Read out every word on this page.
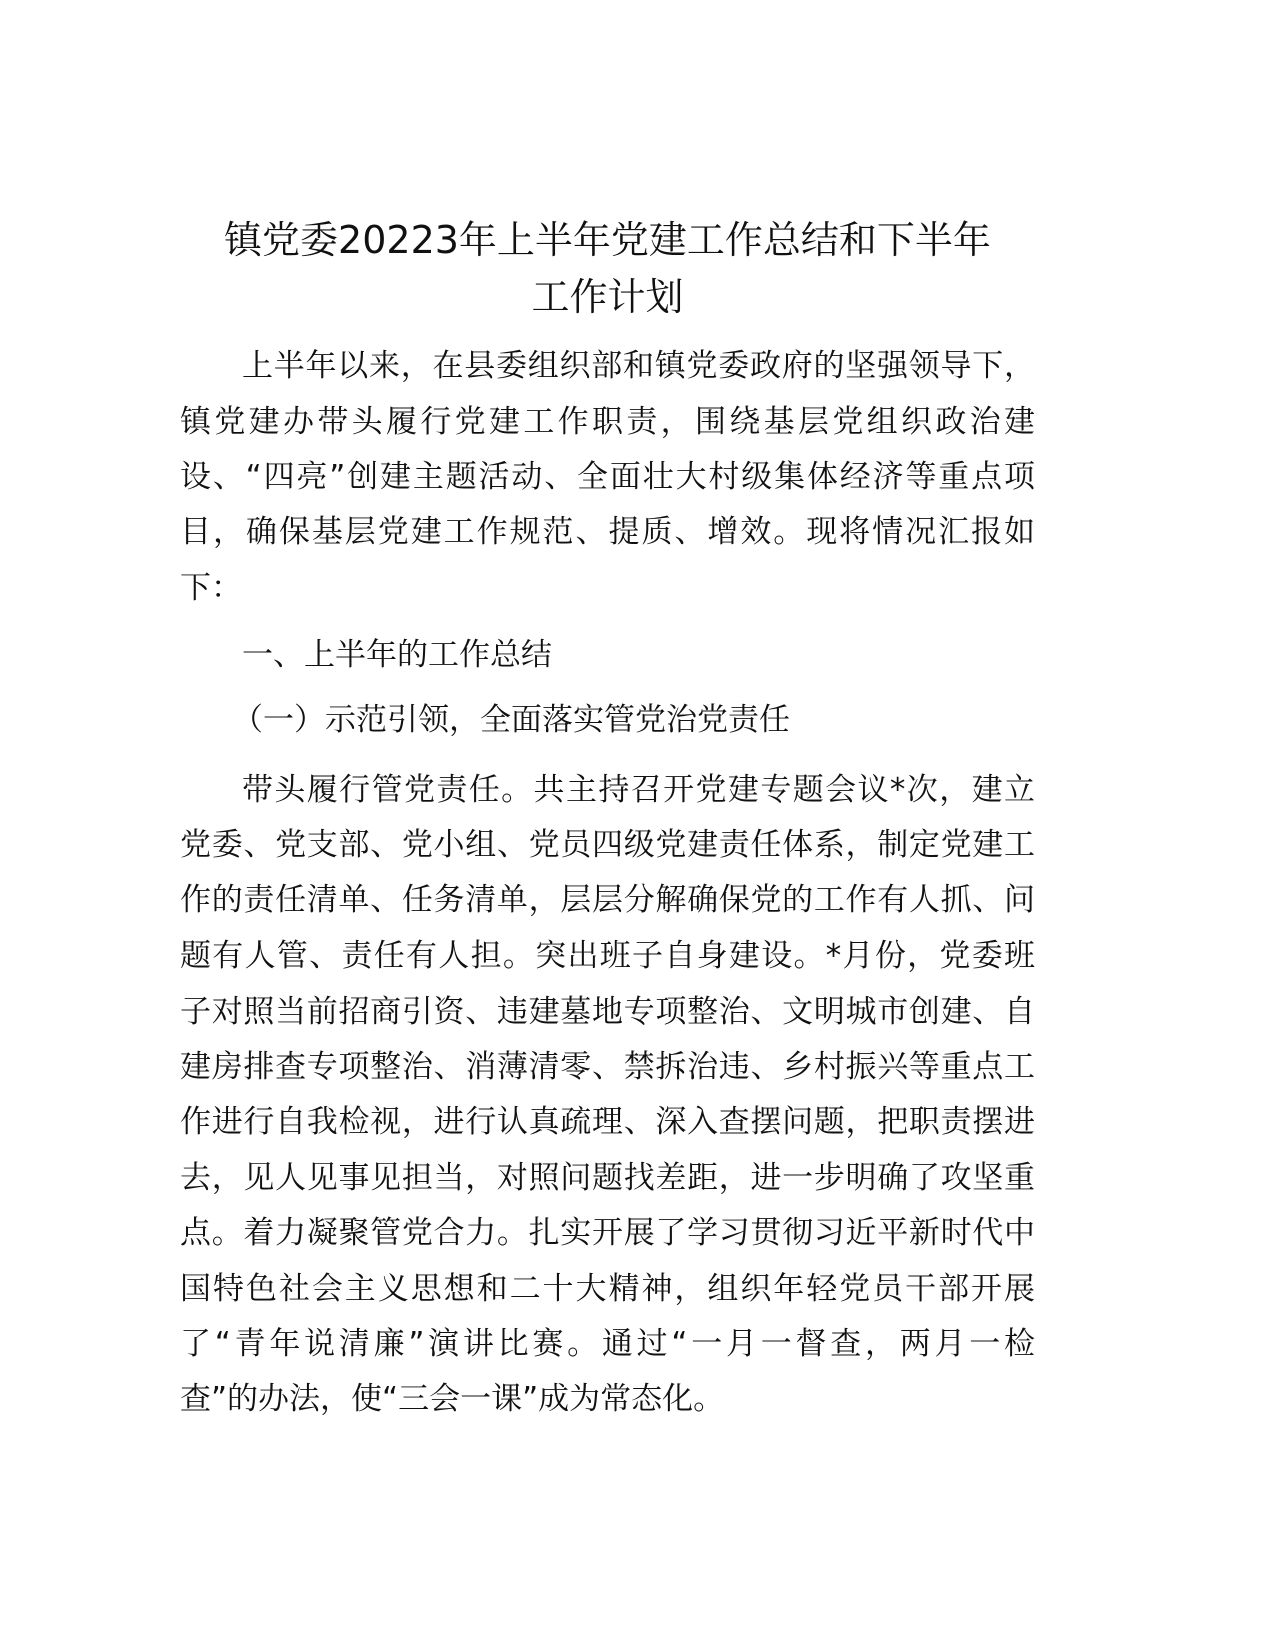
镇党委20223年上半年党建工作总结和下半年
工作计划
上半年以来，在县委组织部和镇党委政府的坚强领导下，
镇党建办带头履行党建工作职责，围绕基层党组织政治建
设、“四亮”创建主题活动、全面壮大村级集体经济等重点项
目，确保基层党建工作规范、提质、增效。现将情况汇报如
下：
一、上半年的工作总结
（一）示范引领，全面落实管党治党责任
带头履行管党责任。共主持召开党建专题会议*次，建立
党委、党支部、党小组、党员四级党建责任体系，制定党建工
作的责任清单、任务清单，层层分解确保党的工作有人抓、问
题有人管、责任有人担。突出班子自身建设。*月份，党委班
子对照当前招商引资、违建墓地专项整治、文明城市创建、自
建房排查专项整治、消薄清零、禁拆治违、乡村振兴等重点工
作进行自我检视，进行认真疏理、深入查摆问题，把职责摆进
去，见人见事见担当，对照问题找差距，进一步明确了攻坚重
点。着力凝聚管党合力。扎实开展了学习贯彻习近平新时代中
国特色社会主义思想和二十大精神，组织年轻党员干部开展
了“青年说清廉”演讲比赛。通过“一月一督查，两月一检
查”的办法，使“三会一课”成为常态化。
